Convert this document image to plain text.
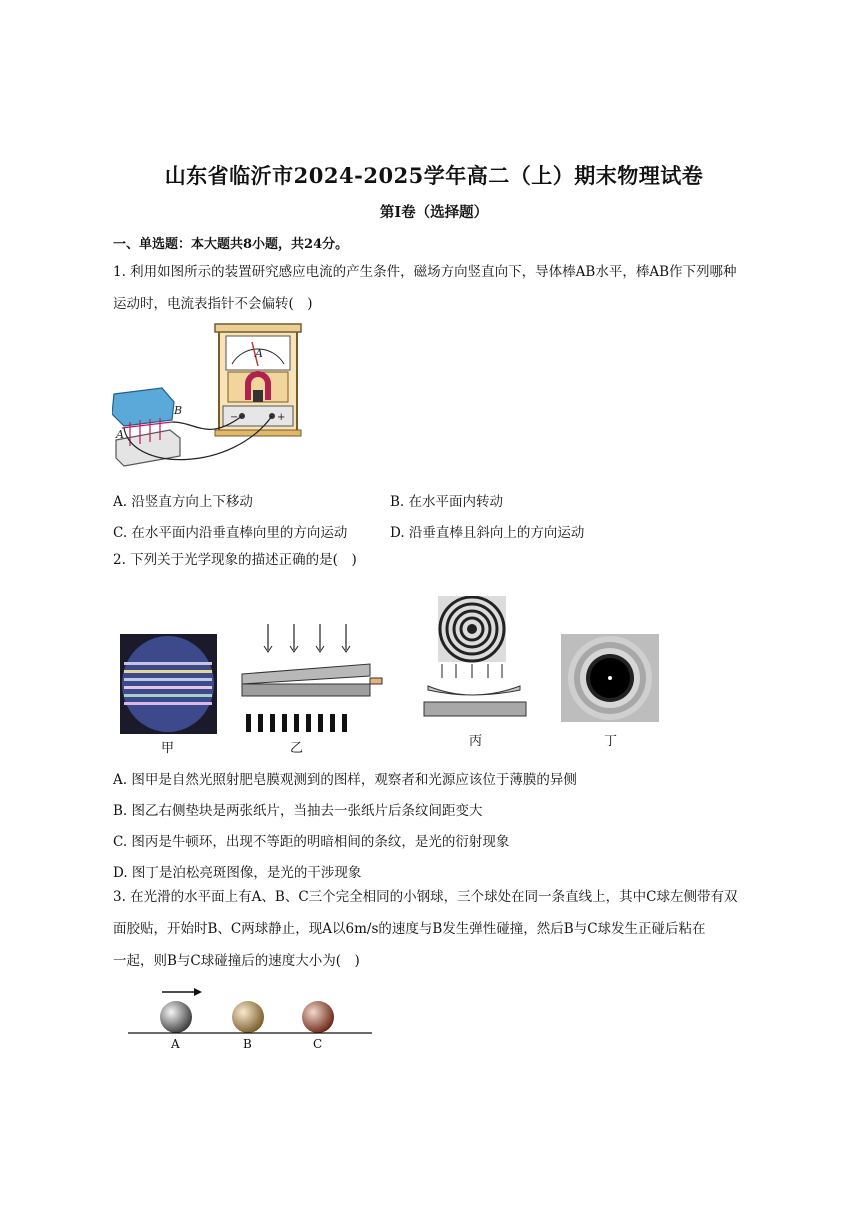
山东省临沂市2024-2025学年高二（上）期末物理试卷
第I卷（选择题）
一、单选题：本大题共8小题，共24分。
1. 利用如图所示的装置研究感应电流的产生条件，磁场方向竖直向下，导体棒AB水平，棒AB作下列哪种
运动时，电流表指针不会偏转(　)
A
−	+
A
B
A. 沿竖直方向上下移动	B. 在水平面内转动
C. 在水平面内沿垂直棒向里的方向运动	D. 沿垂直棒且斜向上的方向运动
2. 下列关于光学现象的描述正确的是(　)
甲	乙	丙	丁
A. 图甲是自然光照射肥皂膜观测到的图样，观察者和光源应该位于薄膜的异侧
B. 图乙右侧垫块是两张纸片，当抽去一张纸片后条纹间距变大
C. 图丙是牛顿环，出现不等距的明暗相间的条纹，是光的衍射现象
D. 图丁是泊松亮斑图像，是光的干涉现象
3. 在光滑的水平面上有A、B、C三个完全相同的小钢球，三个球处在同一条直线上，其中C球左侧带有双
面胶贴，开始时B、C两球静止，现A以6m/s的速度与B发生弹性碰撞，然后B与C球发生正碰后粘在
一起，则B与C球碰撞后的速度大小为(　)
A	B	C
